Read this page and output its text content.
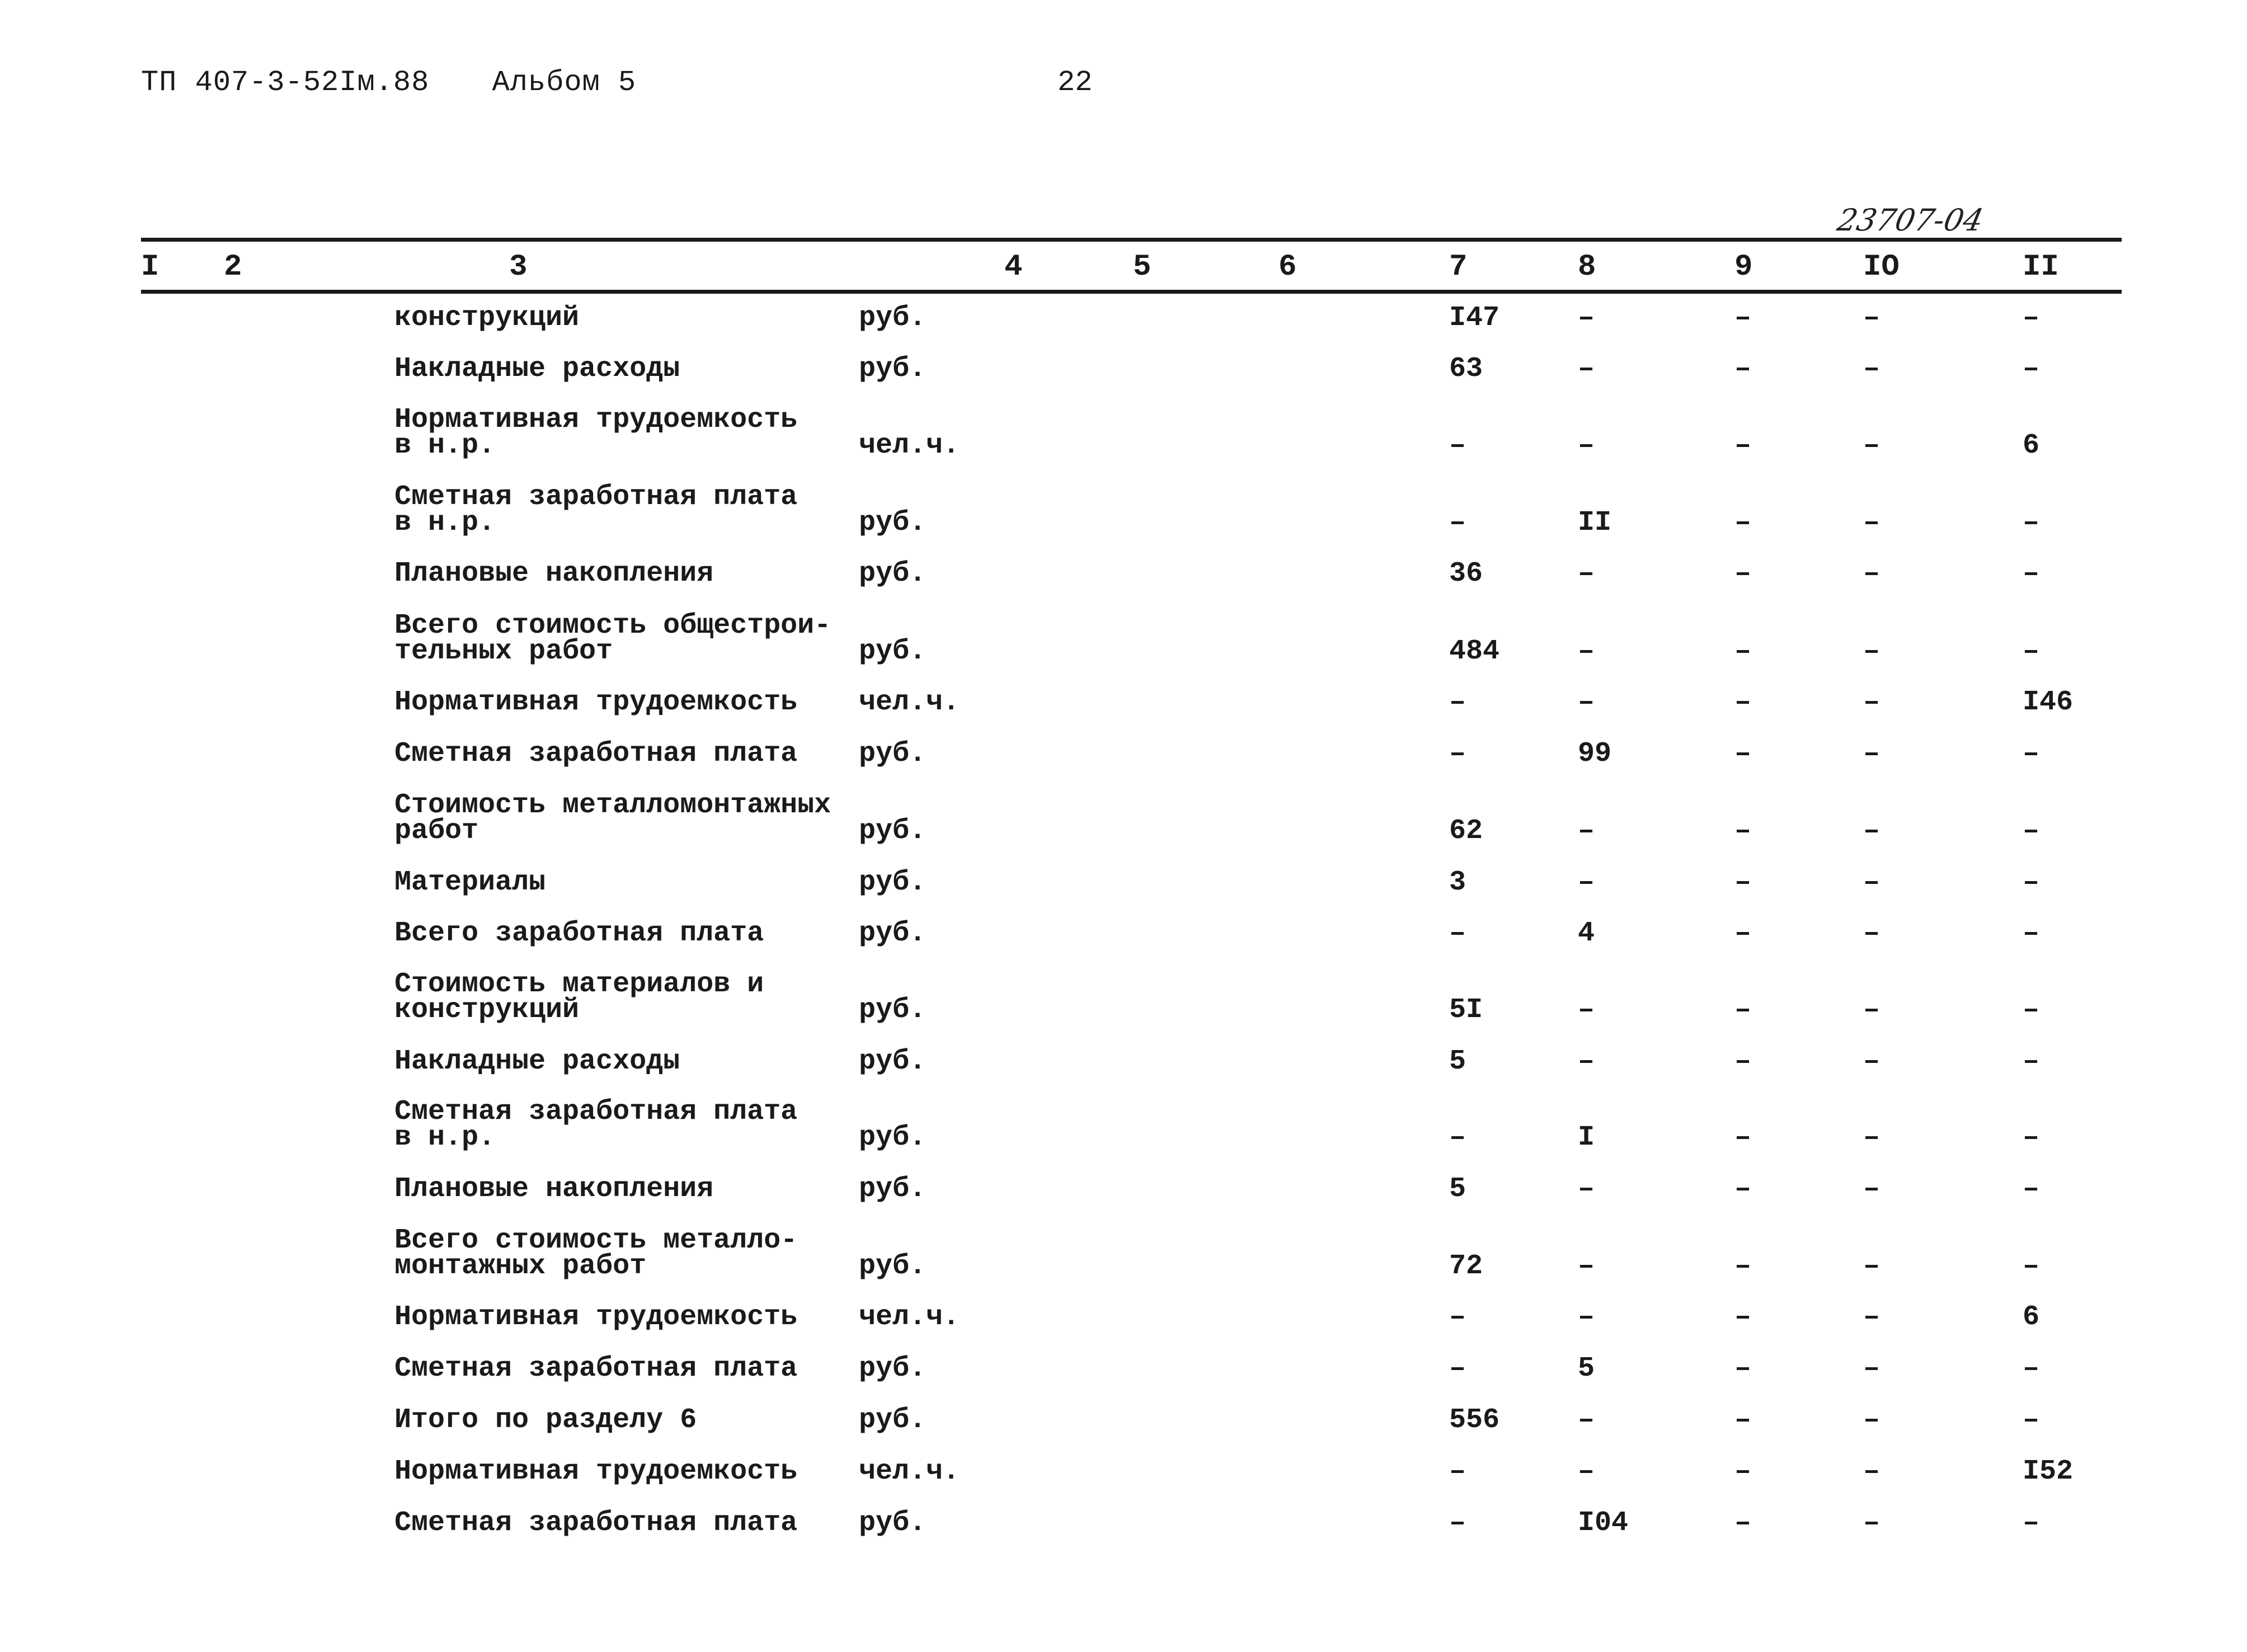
ТП 407-3-52Iм.88 Альбом 5	22
23707-04
I 2	3	4	5	6	7	8	9	IO	II
конструкций	руб.	I47	–	–	–	–
Накладные расходы	руб.	63	–	–	–	–
Нормативная трудоемкость
в н.р.	чел.ч.	–	–	–	–	6
Сметная заработная плата
в н.р.	руб.	–	II	–	–	–
Плановые накопления	руб.	36	–	–	–	–
Всего стоимость общестрои-
тельных работ	руб.	484	–	–	–	–
Нормативная трудоемкость чел.ч.	–	–	–	–	I46
Сметная заработная плата руб.	–	99	–	–	–
Стоимость металломонтажных
работ	руб.	62	–	–	–	–
Материалы	руб.	3	–	–	–	–
Всего заработная плата	руб.	–	4	–	–	–
Стоимость материалов и
конструкций	руб.	5I	–	–	–	–
Накладные расходы	руб.	5	–	–	–	–
Сметная заработная плата
в н.р.	руб.	–	I	–	–	–
Плановые накопления	руб.	5	–	–	–	–
Всего стоимость металло-
монтажных работ	руб.	72	–	–	–	–
Нормативная трудоемкость чел.ч.	–	–	–	–	6
Сметная заработная плата руб.	–	5	–	–	–
Итого по разделу 6	руб.	556	–	–	–	–
Нормативная трудоемкость чел.ч.	–	–	–	–	I52
Сметная заработная плата руб.	–	I04	–	–	–
